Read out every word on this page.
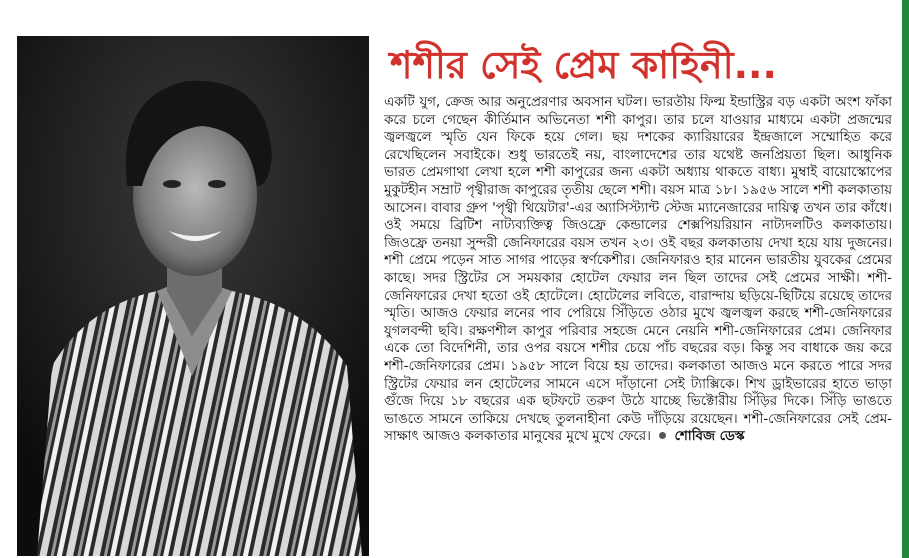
শশীর সেই প্রেম কাহিনী...
একটি যুগ, ক্রেজ আর অনুপ্রেরণার অবসান ঘটল। ভারতীয় ফিল্ম ইন্ডাস্ট্রির বড় একটা অংশ ফাঁকা করে চলে গেছেন কীর্তিমান অভিনেতা শশী কাপুর। তার চলে যাওয়ার মাধ্যমে একটা প্রজন্মের জ্বলজ্বলে স্মৃতি যেন ফিকে হয়ে গেল। ছয় দশকের ক্যারিয়ারের ইন্দ্রজালে সম্মোহিত করে রেখেছিলেন সবাইকে। শুধু ভারতেই নয়, বাংলাদেশের তার যথেষ্ট জনপ্রিয়তা ছিল। আধুনিক ভারত প্রেমগাথা লেখা হলে শশী কাপুরের জন্য একটা অধ্যায় থাকতে বাধ্য। মুম্বাই বায়োস্কোপের মুকুটহীন সম্রাট পৃথ্বীরাজ কাপুরের তৃতীয় ছেলে শশী। বয়স মাত্র ১৮। ১৯৫৬ সালে শশী কলকাতায় আসেন। বাবার গ্রুপ 'পৃথ্বী থিয়েটার'-এর অ্যাসিস্ট্যান্ট স্টেজ ম্যানেজারের দায়িত্ব তখন তার কাঁধে। ওই সময়ে ব্রিটিশ নাট্যব্যক্তিত্ব জিওফ্রে কেন্ডালের শেক্সপিয়রিয়ান নাট্যদলটিও কলকাতায়। জিওফ্রে তনয়া সুন্দরী জেনিফারের বয়স তখন ২৩। ওই বছর কলকাতায় দেখা হয়ে যায় দুজনের। শশী প্রেমে পড়েন সাত সাগর পাড়ের স্বর্ণকেশীর। জেনিফারও হার মানেন ভারতীয় যুবকের প্রেমের কাছে। সদর স্ট্রিটের সে সময়কার হোটেল ফেয়ার লন ছিল তাদের সেই প্রেমের সাক্ষী। শশী-জেনিফারের দেখা হতো ওই হোটেলে। হোটেলের লবিতে, বারান্দায় ছড়িয়ে-ছিটিয়ে রয়েছে তাদের স্মৃতি। আজও ফেয়ার লনের পাব পেরিয়ে সিঁড়িতে ওঠার মুখে জ্বলজ্বল করছে শশী-জেনিফারের যুগলবন্দী ছবি। রক্ষণশীল কাপুর পরিবার সহজে মেনে নেয়নি শশী-জেনিফারের প্রেম। জেনিফার একে তো বিদেশিনী, তার ওপর বয়সে শশীর চেয়ে পাঁচ বছরের বড়। কিন্তু সব বাধাকে জয় করে শশী-জেনিফারের প্রেম। ১৯৫৮ সালে বিয়ে হয় তাদের। কলকাতা আজও মনে করতে পারে সদর স্ট্রিটের ফেয়ার লন হোটেলের সামনে এসে দাঁড়ানো সেই ট্যাক্সিকে। শিখ ড্রাইভারের হাতে ভাড়া গুঁজে দিয়ে ১৮ বছরের এক ছটফটে তরুণ উঠে যাচ্ছে ভিক্টোরীয় সিঁড়ির দিকে। সিঁড়ি ভাঙতে ভাঙতে সামনে তাকিয়ে দেখছে তুলনাহীনা কেউ দাঁড়িয়ে রয়েছেন। শশী-জেনিফারের সেই প্রেম-সাক্ষাৎ আজও কলকাতার মানুষের মুখে মুখে ফেরে। শোবিজ ডেস্ক
